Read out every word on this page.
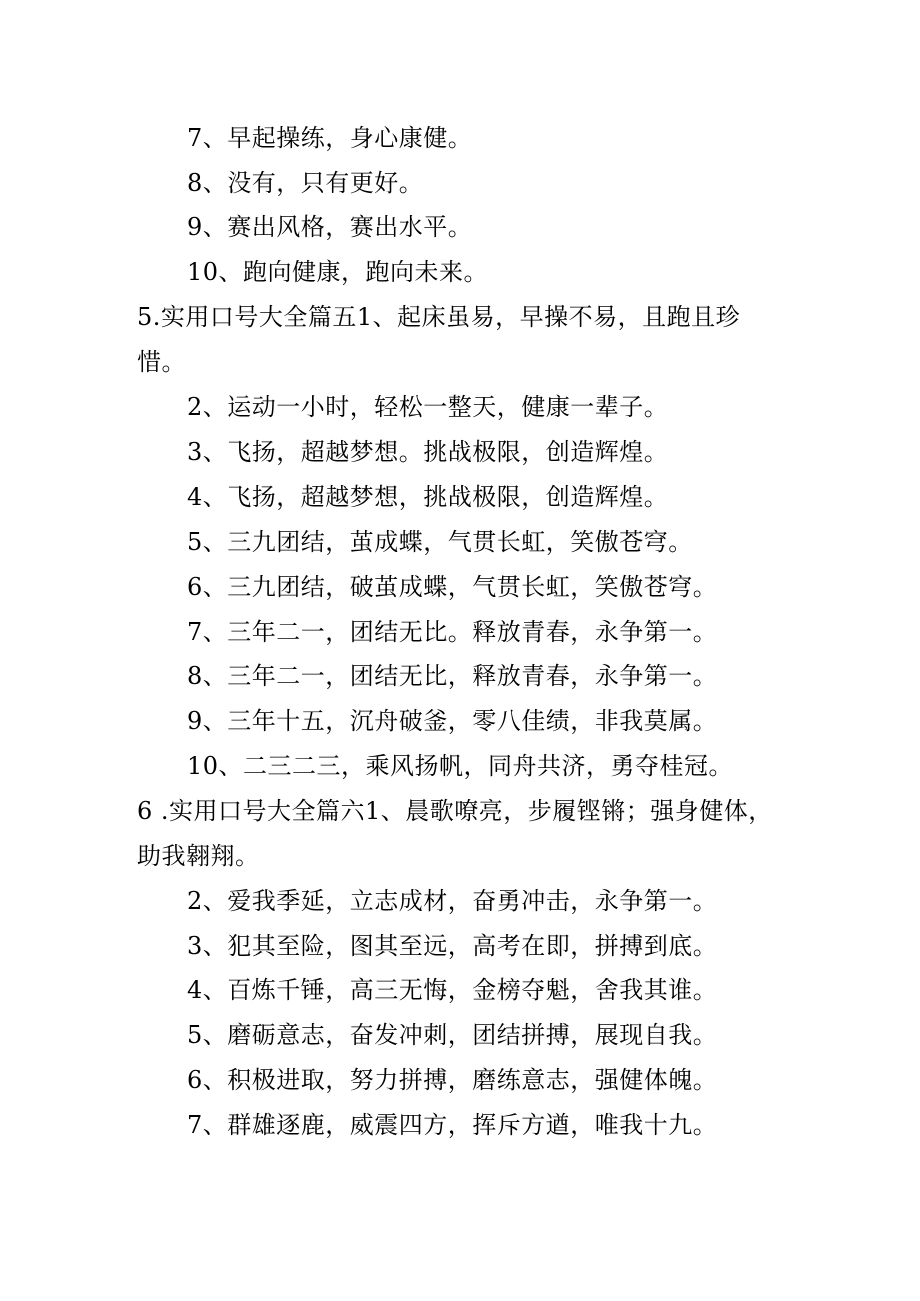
7、早起操练，身心康健。
8、没有，只有更好。
9、赛出风格，赛出水平。
10、跑向健康，跑向未来。
5.实用口号大全篇五1、起床虽易，早操不易，且跑且珍
惜。
2、运动一小时，轻松一整天，健康一辈子。
3、飞扬，超越梦想。挑战极限，创造辉煌。
4、飞扬，超越梦想，挑战极限，创造辉煌。
5、三九团结，茧成蝶，气贯长虹，笑傲苍穹。
6、三九团结，破茧成蝶，气贯长虹，笑傲苍穹。
7、三年二一，团结无比。释放青春，永争第一。
8、三年二一，团结无比，释放青春，永争第一。
9、三年十五，沉舟破釜，零八佳绩，非我莫属。
10、二三二三，乘风扬帆，同舟共济，勇夺桂冠。
6 .实用口号大全篇六1、晨歌嘹亮，步履铿锵；强身健体，
助我翱翔。
2、爱我季延，立志成材，奋勇冲击，永争第一。
3、犯其至险，图其至远，高考在即，拼搏到底。
4、百炼千锤，高三无悔，金榜夺魁，舍我其谁。
5、磨砺意志，奋发冲刺，团结拼搏，展现自我。
6、积极进取，努力拼搏，磨练意志，强健体魄。
7、群雄逐鹿，威震四方，挥斥方遒，唯我十九。
